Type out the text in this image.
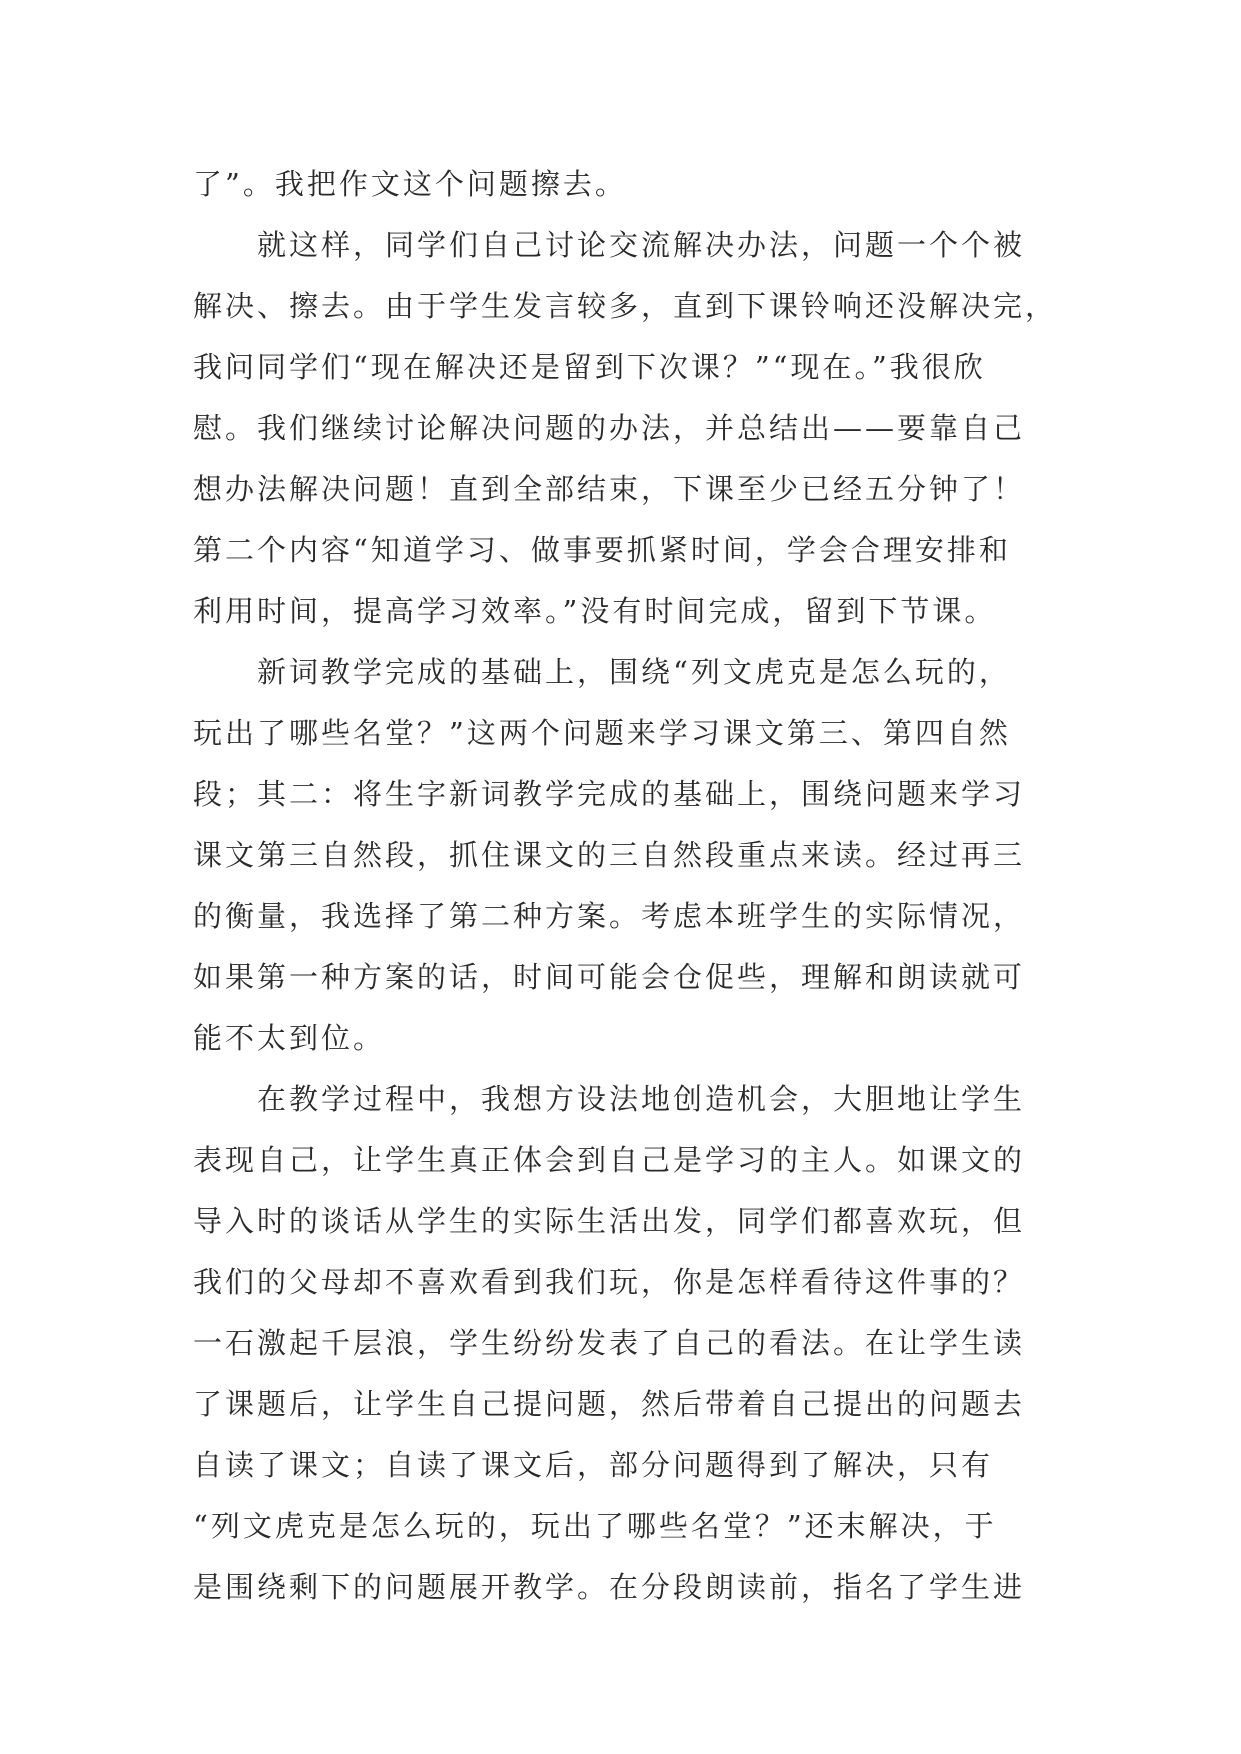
了”。我把作文这个问题擦去。
就这样，同学们自己讨论交流解决办法，问题一个个被
解决、擦去。由于学生发言较多，直到下课铃响还没解决完，
我问同学们“现在解决还是留到下次课？”“现在。”我很欣
慰。我们继续讨论解决问题的办法，并总结出——要靠自己
想办法解决问题！直到全部结束，下课至少已经五分钟了！
第二个内容“知道学习、做事要抓紧时间，学会合理安排和
利用时间，提高学习效率。”没有时间完成，留到下节课。
新词教学完成的基础上，围绕“列文虎克是怎么玩的，
玩出了哪些名堂？”这两个问题来学习课文第三、第四自然
段；其二：将生字新词教学完成的基础上，围绕问题来学习
课文第三自然段，抓住课文的三自然段重点来读。经过再三
的衡量，我选择了第二种方案。考虑本班学生的实际情况，
如果第一种方案的话，时间可能会仓促些，理解和朗读就可
能不太到位。
在教学过程中，我想方设法地创造机会，大胆地让学生
表现自己，让学生真正体会到自己是学习的主人。如课文的
导入时的谈话从学生的实际生活出发，同学们都喜欢玩，但
我们的父母却不喜欢看到我们玩，你是怎样看待这件事的？
一石激起千层浪，学生纷纷发表了自己的看法。在让学生读
了课题后，让学生自己提问题，然后带着自己提出的问题去
自读了课文；自读了课文后，部分问题得到了解决，只有
“列文虎克是怎么玩的，玩出了哪些名堂？”还末解决，于
是围绕剩下的问题展开教学。在分段朗读前，指名了学生进
